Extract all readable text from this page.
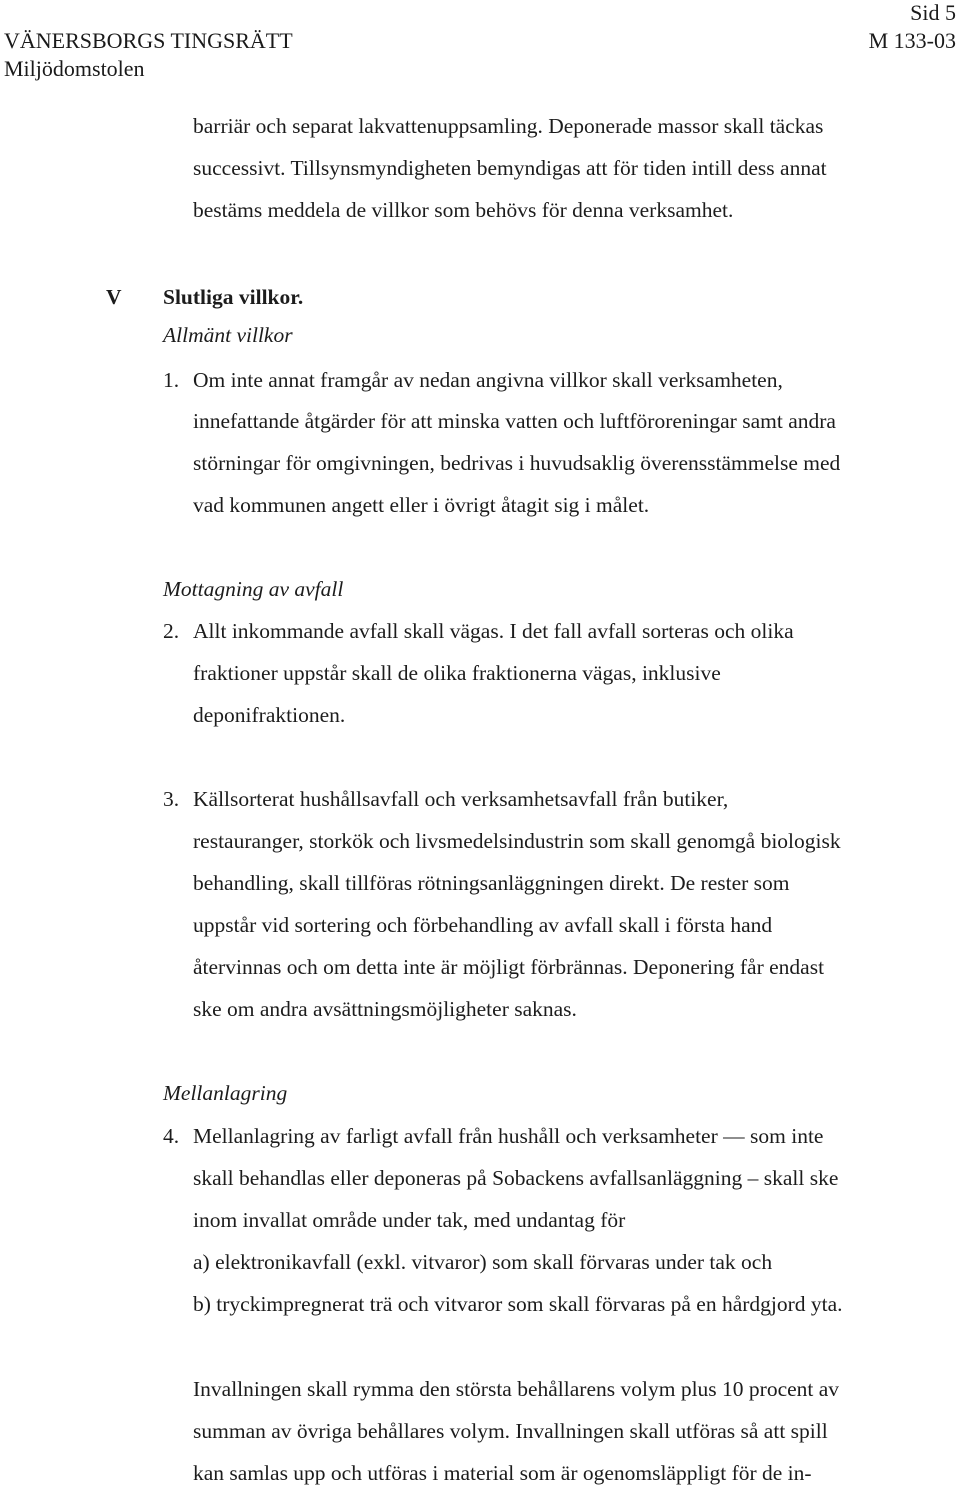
Sid 5
VÄNERSBORGS TINGSRÄTT	M 133-03
Miljödomstolen
barriär och separat lakvattenuppsamling. Deponerade massor skall täckas
successivt. Tillsynsmyndigheten bemyndigas att för tiden intill dess annat
bestäms meddela de villkor som behövs för denna verksamhet.
V Slutliga villkor.
Allmänt villkor
1. Om inte annat framgår av nedan angivna villkor skall verksamheten,
innefattande åtgärder för att minska vatten och luftföroreningar samt andra
störningar för omgivningen, bedrivas i huvudsaklig överensstämmelse med
vad kommunen angett eller i övrigt åtagit sig i målet.
Mottagning av avfall
2. Allt inkommande avfall skall vägas. I det fall avfall sorteras och olika
fraktioner uppstår skall de olika fraktionerna vägas, inklusive
deponifraktionen.
3. Källsorterat hushållsavfall och verksamhetsavfall från butiker,
restauranger, storkök och livsmedelsindustrin som skall genomgå biologisk
behandling, skall tillföras rötningsanläggningen direkt. De rester som
uppstår vid sortering och förbehandling av avfall skall i första hand
återvinnas och om detta inte är möjligt förbrännas. Deponering får endast
ske om andra avsättningsmöjligheter saknas.
Mellanlagring
4. Mellanlagring av farligt avfall från hushåll och verksamheter — som inte
skall behandlas eller deponeras på Sobackens avfallsanläggning – skall ske
inom invallat område under tak, med undantag för
a) elektronikavfall (exkl. vitvaror) som skall förvaras under tak och
b) tryckimpregnerat trä och vitvaror som skall förvaras på en hårdgjord yta.
Invallningen skall rymma den största behållarens volym plus 10 procent av
summan av övriga behållares volym. Invallningen skall utföras så att spill
kan samlas upp och utföras i material som är ogenomsläppligt för de in-
